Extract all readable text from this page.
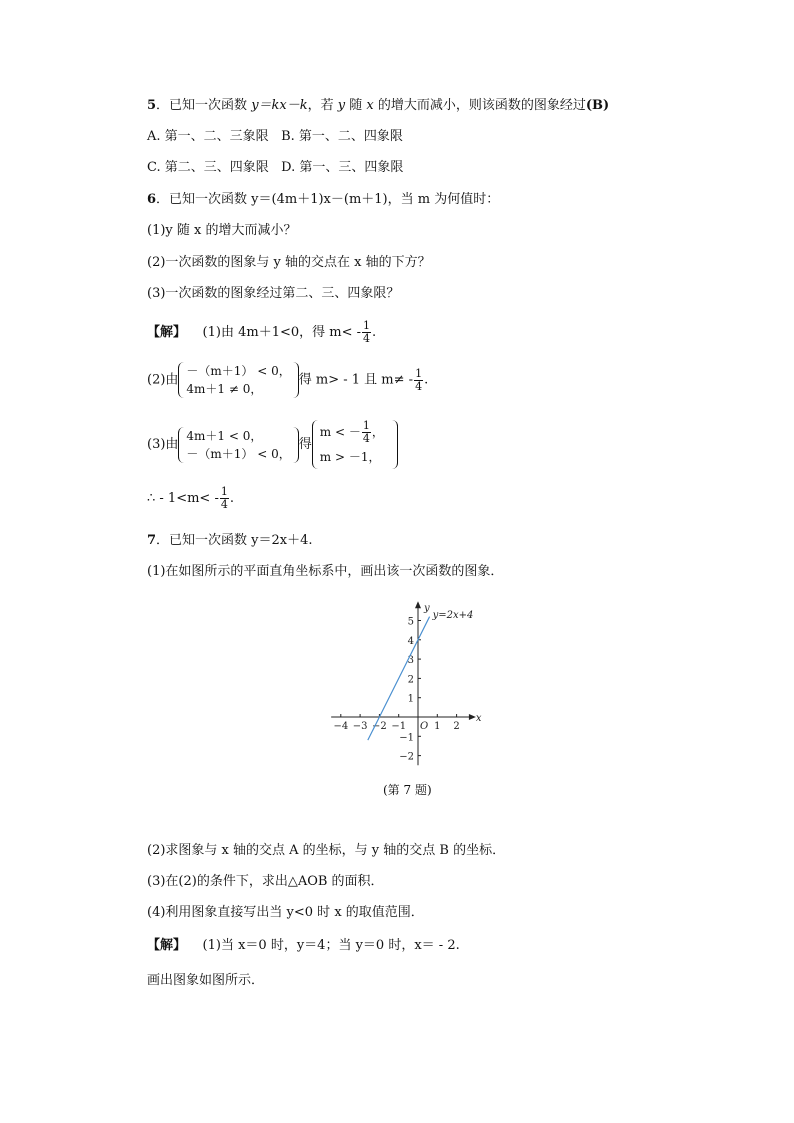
5．已知一次函数 y＝kx－k，若 y 随 x 的增大而减小，则该函数的图象经过(B)
A. 第一、二、三象限 B. 第一、二、四象限
C. 第二、三、四象限 D. 第一、三、四象限
6．已知一次函数 y＝(4m＋1)x－(m＋1)，当 m 为何值时：
(1)y 随 x 的增大而减小？
(2)一次函数的图象与 y 轴的交点在 x 轴的下方？
(3)一次函数的图象经过第二、三、四象限？
【解】 (1)由 4m＋1<0，得 $m< - \frac{1}{4}$ .
(2)由
－（m＋1） < 0，
4m＋1 ≠ 0，
得 m> - 1 且 $m\ne - \frac{1}{4}$ .
(3)由
4m＋1 < 0，
－（m＋1） < 0，
得
m < － $\frac{1}{4}$ ，
m > －1，
∴ - $1<m< - \frac{1}{4}$ .
7．已知一次函数 y＝2x＋4.
(1)在如图所示的平面直角坐标系中，画出该一次函数的图象．
−4 −3 −2 −1	1 2
−2
−1
1
2
3
4
5
x
y
O
y=2x+4
(第 7 题)
(2)求图象与 x 轴的交点 A 的坐标，与 y 轴的交点 B 的坐标．
(3)在(2)的条件下，求出△AOB 的面积．
(4)利用图象直接写出当 y<0 时 x 的取值范围．
【解】 (1)当 x＝0 时，y＝4；当 y＝0 时，x＝ - 2.
画出图象如图所示．
